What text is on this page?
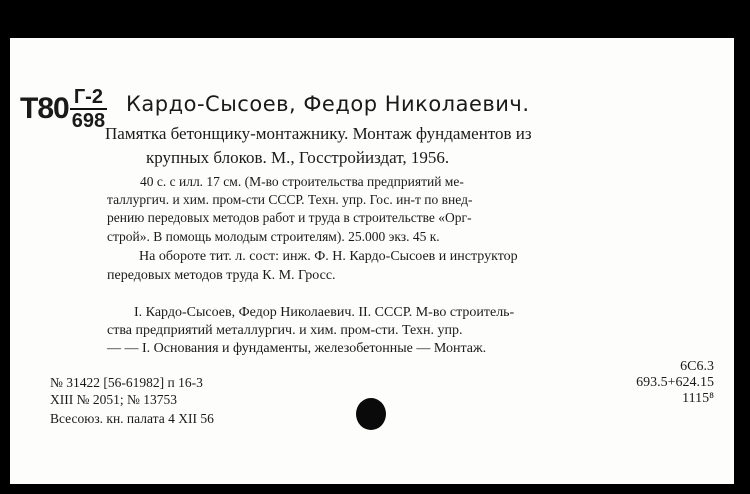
$Т80 \frac{Г-2}{698}$ Кардо-Сысоев, Федор Николаевич.
Памятка бетонщику-монтажнику. Монтаж фундаментов из
крупных блоков. М., Госстройиздат, 1956.
40 с. с илл. 17 см. (М-во строительства предприятий ме-
таллургич. и хим. пром-сти СССР. Техн. упр. Гос. ин-т по внед-
рению передовых методов работ и труда в строительстве «Орг-
строй». В помощь молодым строителям). 25.000 экз. 45 к.
На обороте тит. л. сост: инж. Ф. Н. Кардо-Сысоев и инструктор
передовых методов труда К. М. Гросс.
I. Кардо-Сысоев, Федор Николаевич. II. СССР. М-во строитель-
ства предприятий металлургич. и хим. пром-сти. Техн. упр.
— — I. Основания и фундаменты, железобетонные — Монтаж.
6С6.3
693.5+624.15
1115⁸
№ 31422 [56-61982] п 16-3
XIII № 2051; № 13753
Всесоюз. кн. палата 4 XII 56
